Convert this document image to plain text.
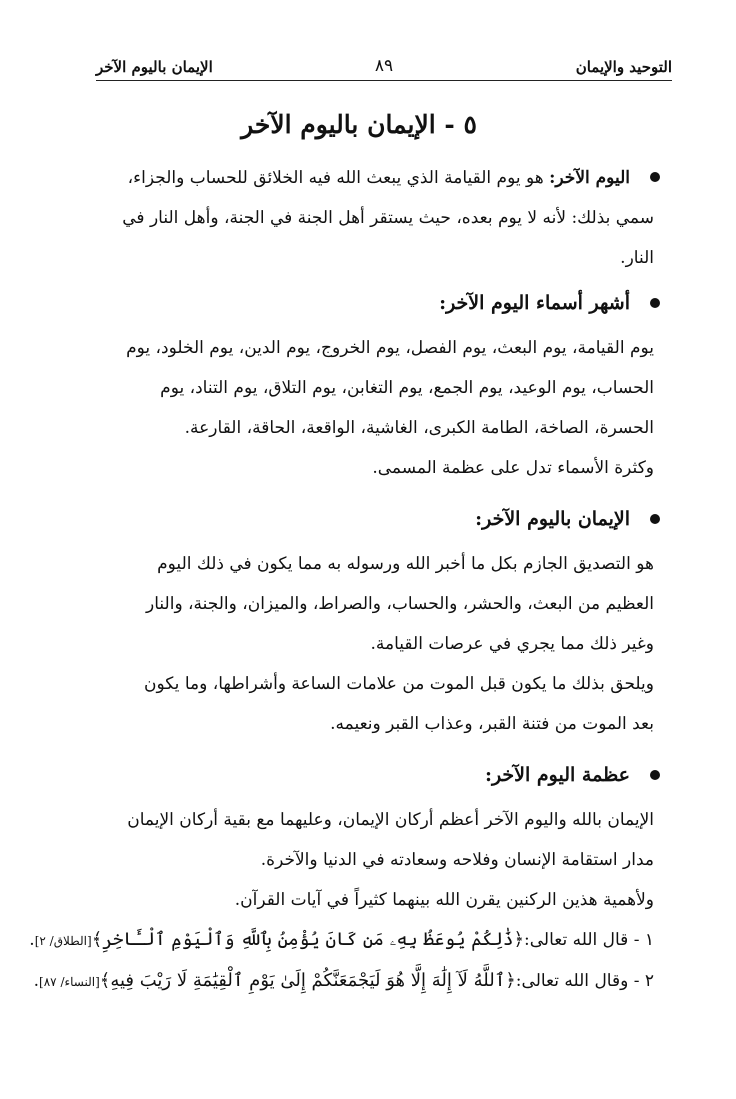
التوحيد والإيمان
٨٩
الإيمان باليوم الآخر
٥ - الإيمان باليوم الآخر

اليوم الآخر: هو يوم القيامة الذي يبعث الله فيه الخلائق للحساب والجزاء،

سمي بذلك: لأنه لا يوم بعده، حيث يستقر أهل الجنة في الجنة، وأهل النار في

النار.

أشهر أسماء اليوم الآخر:

يوم القيامة، يوم البعث، يوم الفصل، يوم الخروج، يوم الدين، يوم الخلود، يوم

الحساب، يوم الوعيد، يوم الجمع، يوم التغابن، يوم التلاق، يوم التناد، يوم

الحسرة، الصاخة، الطامة الكبرى، الغاشية، الواقعة، الحاقة، القارعة.

وكثرة الأسماء تدل على عظمة المسمى.

الإيمان باليوم الآخر:

هو التصديق الجازم بكل ما أخبر الله ورسوله به مما يكون في ذلك اليوم

العظيم من البعث، والحشر، والحساب، والصراط، والميزان، والجنة، والنار

وغير ذلك مما يجري في عرصات القيامة.

ويلحق بذلك ما يكون قبل الموت من علامات الساعة وأشراطها، وما يكون

بعد الموت من فتنة القبر، وعذاب القبر ونعيمه.

عظمة اليوم الآخر:

الإيمان بالله واليوم الآخر أعظم أركان الإيمان، وعليهما مع بقية أركان الإيمان

مدار استقامة الإنسان وفلاحه وسعادته في الدنيا والآخرة.

ولأهمية هذين الركنين يقرن الله بينهما كثيراً في آيات القرآن.

١ - قال الله تعالى:﴿ذَٰلِكُمْ يُوعَظُ بِهِۦ مَن كَانَ يُؤْمِنُ بِٱللَّهِ وَٱلْيَوْمِ ٱلْـَٔاخِرِ﴾[الطلاق/ ٢].

٢ - وقال الله تعالى:﴿ٱللَّهُ لَآ إِلَٰهَ إِلَّا هُوَ لَيَجْمَعَنَّكُمْ إِلَىٰ يَوْمِ ٱلْقِيَٰمَةِ لَا رَيْبَ فِيهِ﴾[النساء/ ٨٧].
